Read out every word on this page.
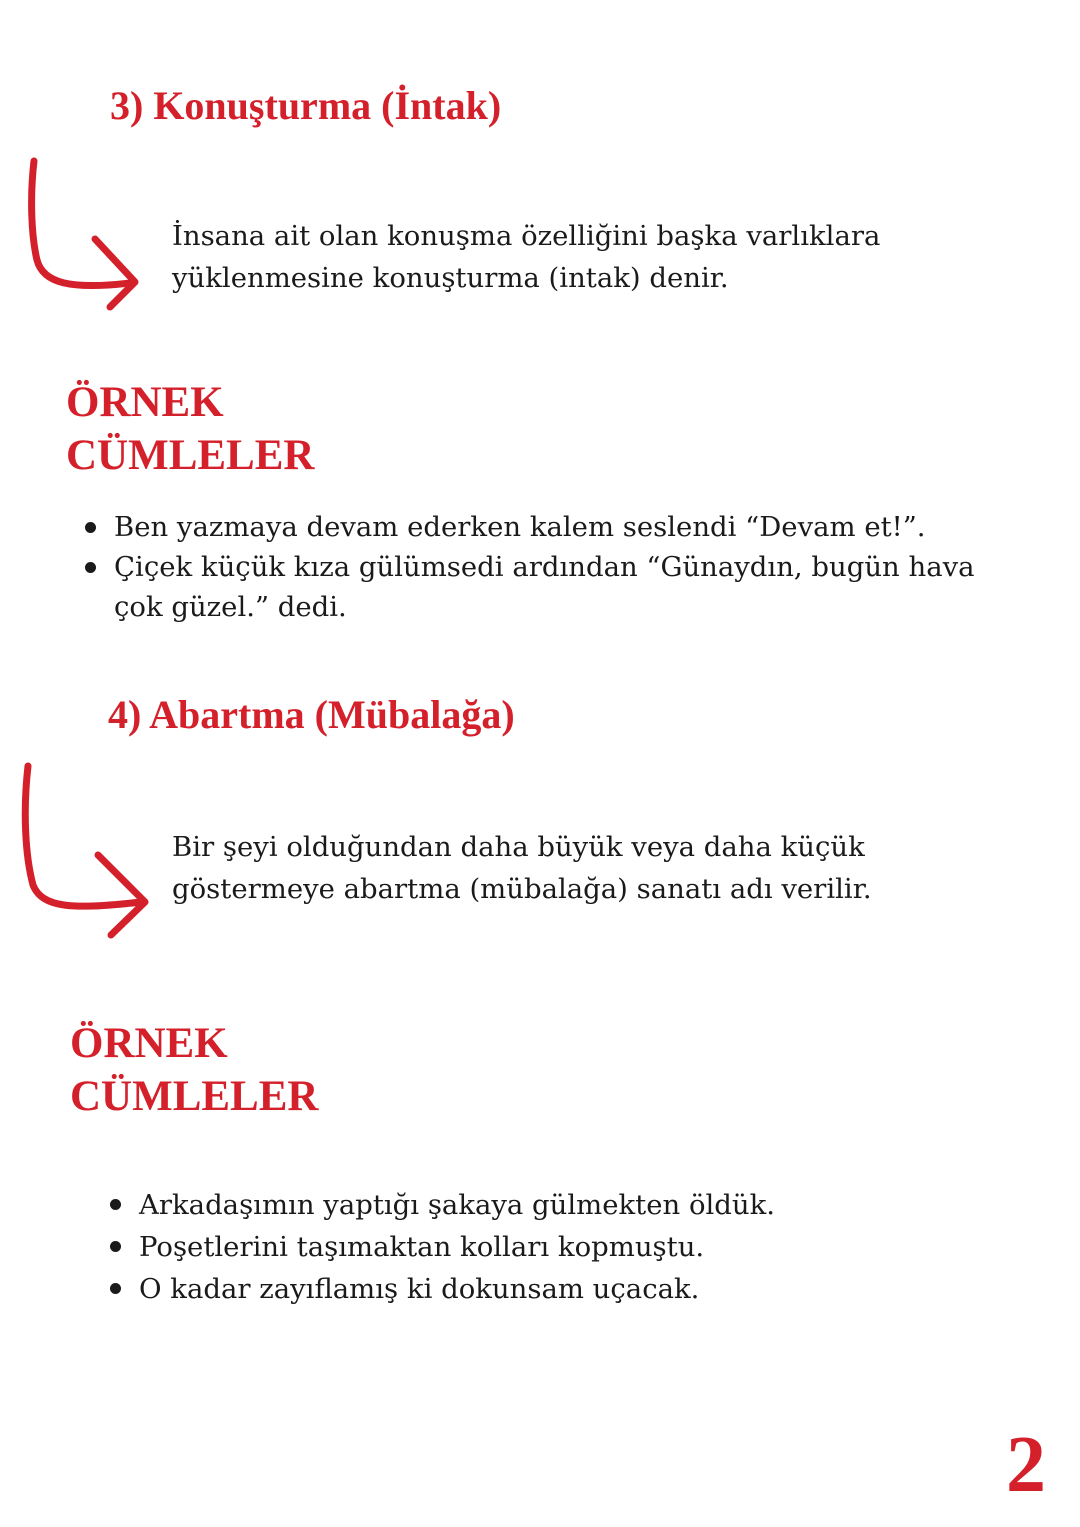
3) Konuşturma (İntak)
İnsana ait olan konuşma özelliğini başka varlıklara
yüklenmesine konuşturma (intak) denir.
ÖRNEK
CÜMLELER
Ben yazmaya devam ederken kalem seslendi “Devam et!”.
Çiçek küçük kıza gülümsedi ardından “Günaydın, bugün hava
çok güzel.” dedi.
4) Abartma (Mübalağa)
Bir şeyi olduğundan daha büyük veya daha küçük
göstermeye abartma (mübalağa) sanatı adı verilir.
ÖRNEK
CÜMLELER
Arkadaşımın yaptığı şakaya gülmekten öldük.
Poşetlerini taşımaktan kolları kopmuştu.
O kadar zayıflamış ki dokunsam uçacak.
2
